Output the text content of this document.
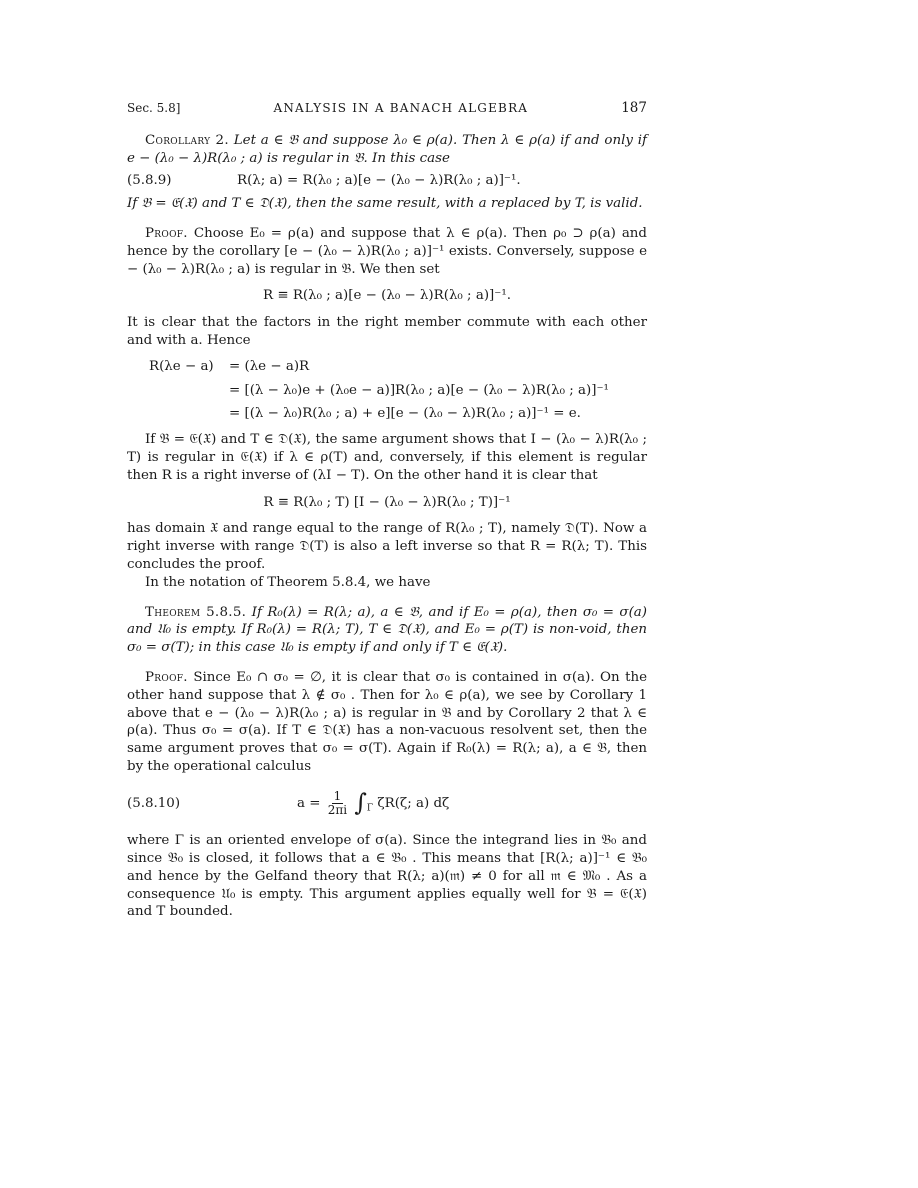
Sec. 5.8]	ANALYSIS IN A BANACH ALGEBRA	187

Corollary 2. Let a ∈ 𝔅 and suppose λ₀ ∈ ρ(a). Then λ ∈ ρ(a) if and only if e − (λ₀ − λ)R(λ₀ ; a) is regular in 𝔅. In this case

(5.8.9)	R(λ; a) = R(λ₀ ; a)[e − (λ₀ − λ)R(λ₀ ; a)]⁻¹.

If 𝔅 = 𝔈(𝔛) and T ∈ 𝔇(𝔛), then the same result, with a replaced by T, is valid.

Proof. Choose E₀ = ρ(a) and suppose that λ ∈ ρ(a). Then ρ₀ ⊃ ρ(a) and hence by the corollary [e − (λ₀ − λ)R(λ₀ ; a)]⁻¹ exists. Conversely, suppose e − (λ₀ − λ)R(λ₀ ; a) is regular in 𝔅. We then set

R ≡ R(λ₀ ; a)[e − (λ₀ − λ)R(λ₀ ; a)]⁻¹.

It is clear that the factors in the right member commute with each other and with a. Hence

R(λe − a)	= (λe − a)R
= [(λ − λ₀)e + (λ₀e − a)]R(λ₀ ; a)[e − (λ₀ − λ)R(λ₀ ; a)]⁻¹
= [(λ − λ₀)R(λ₀ ; a) + e][e − (λ₀ − λ)R(λ₀ ; a)]⁻¹ = e.

If 𝔅 = 𝔈(𝔛) and T ∈ 𝔇(𝔛), the same argument shows that I − (λ₀ − λ)R(λ₀ ; T) is regular in 𝔈(𝔛) if λ ∈ ρ(T) and, conversely, if this element is regular then R is a right inverse of (λI − T). On the other hand it is clear that

R ≡ R(λ₀ ; T) [I − (λ₀ − λ)R(λ₀ ; T)]⁻¹

has domain 𝔛 and range equal to the range of R(λ₀ ; T), namely 𝔇(T). Now a right inverse with range 𝔇(T) is also a left inverse so that R = R(λ; T). This concludes the proof.

In the notation of Theorem 5.8.4, we have

Theorem 5.8.5. If R₀(λ) = R(λ; a), a ∈ 𝔅, and if E₀ = ρ(a), then σ₀ = σ(a) and 𝔘₀ is empty. If R₀(λ) = R(λ; T), T ∈ 𝔇(𝔛), and E₀ = ρ(T) is non-void, then σ₀ = σ(T); in this case 𝔘₀ is empty if and only if T ∈ 𝔈(𝔛).

Proof. Since E₀ ∩ σ₀ = ∅, it is clear that σ₀ is contained in σ(a). On the other hand suppose that λ ∉ σ₀ . Then for λ₀ ∈ ρ(a), we see by Corollary 1 above that e − (λ₀ − λ)R(λ₀ ; a) is regular in 𝔅 and by Corollary 2 that λ ∈ ρ(a). Thus σ₀ = σ(a). If T ∈ 𝔇(𝔛) has a non-vacuous resolvent set, then the same argument proves that σ₀ = σ(T). Again if R₀(λ) = R(λ; a), a ∈ 𝔅, then by the operational calculus

(5.8.10)	$a = \frac{1}{2\pi i} \int_\Gamma$ ζR(ζ; a) dζ

where Γ is an oriented envelope of σ(a). Since the integrand lies in 𝔅₀ and since 𝔅₀ is closed, it follows that a ∈ 𝔅₀ . This means that [R(λ; a)]⁻¹ ∈ 𝔅₀ and hence by the Gelfand theory that R(λ; a)(𝔪) ≠ 0 for all 𝔪 ∈ 𝔐₀ . As a consequence 𝔘₀ is empty. This argument applies equally well for 𝔅 = 𝔈(𝔛) and T bounded.
